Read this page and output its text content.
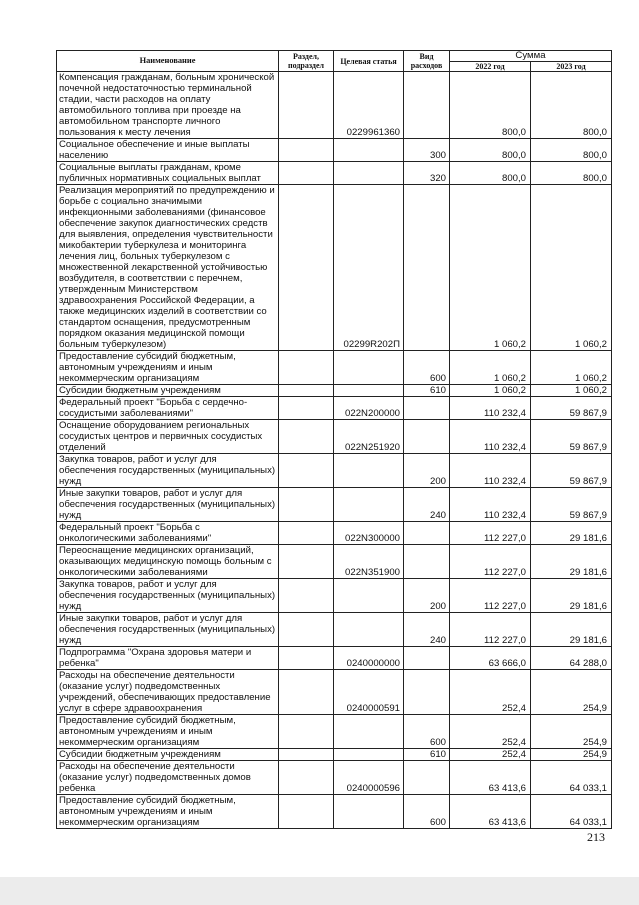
Наименование	Раздел, подраздел	Целевая статья	Вид расходов	Сумма	
				2022 год	2023 год
Компенсация гражданам, больным хронической почечной недостаточностью терминальной стадии, части расходов на оплату автомобильного топлива при проезде на автомобильном транспорте личного пользования к месту лечения		0229961360		800,0	800,0
Социальное обеспечение и иные выплаты населению			300	800,0	800,0
Социальные выплаты гражданам, кроме публичных нормативных социальных выплат			320	800,0	800,0
Реализация мероприятий по предупреждению и борьбе с социально значимыми инфекционными заболеваниями (финансовое обеспечение закупок диагностических средств для выявления, определения чувствительности микобактерии туберкулеза и мониторинга лечения лиц, больных туберкулезом с множественной лекарственной устойчивостью возбудителя, в соответствии с перечнем, утвержденным Министерством здравоохранения Российской Федерации, а также медицинских изделий в соответствии со стандартом оснащения, предусмотренным порядком оказания медицинской помощи больным туберкулезом)		02299R202П		1 060,2	1 060,2
Предоставление субсидий бюджетным, автономным учреждениям и иным некоммерческим организациям			600	1 060,2	1 060,2
Субсидии бюджетным учреждениям			610	1 060,2	1 060,2
Федеральный проект "Борьба с сердечно-сосудистыми заболеваниями"		022N200000		110 232,4	59 867,9
Оснащение оборудованием региональных сосудистых центров и первичных сосудистых отделений		022N251920		110 232,4	59 867,9
Закупка товаров, работ и услуг для обеспечения государственных (муниципальных) нужд			200	110 232,4	59 867,9
Иные закупки товаров, работ и услуг для обеспечения государственных (муниципальных) нужд			240	110 232,4	59 867,9
Федеральный проект "Борьба с онкологическими заболеваниями"		022N300000		112 227,0	29 181,6
Переоснащение медицинских организаций, оказывающих медицинскую помощь больным с онкологическими заболеваниями		022N351900		112 227,0	29 181,6
Закупка товаров, работ и услуг для обеспечения государственных (муниципальных) нужд			200	112 227,0	29 181,6
Иные закупки товаров, работ и услуг для обеспечения государственных (муниципальных) нужд			240	112 227,0	29 181,6
Подпрограмма "Охрана здоровья матери и ребенка"		0240000000		63 666,0	64 288,0
Расходы на обеспечение деятельности (оказание услуг) подведомственных учреждений, обеспечивающих предоставление услуг в сфере здравоохранения		0240000591		252,4	254,9
Предоставление субсидий бюджетным, автономным учреждениям и иным некоммерческим организациям			600	252,4	254,9
Субсидии бюджетным учреждениям			610	252,4	254,9
Расходы на обеспечение деятельности (оказание услуг) подведомственных домов ребенка		0240000596		63 413,6	64 033,1
Предоставление субсидий бюджетным, автономным учреждениям и иным некоммерческим организациям			600	63 413,6	64 033,1
213
